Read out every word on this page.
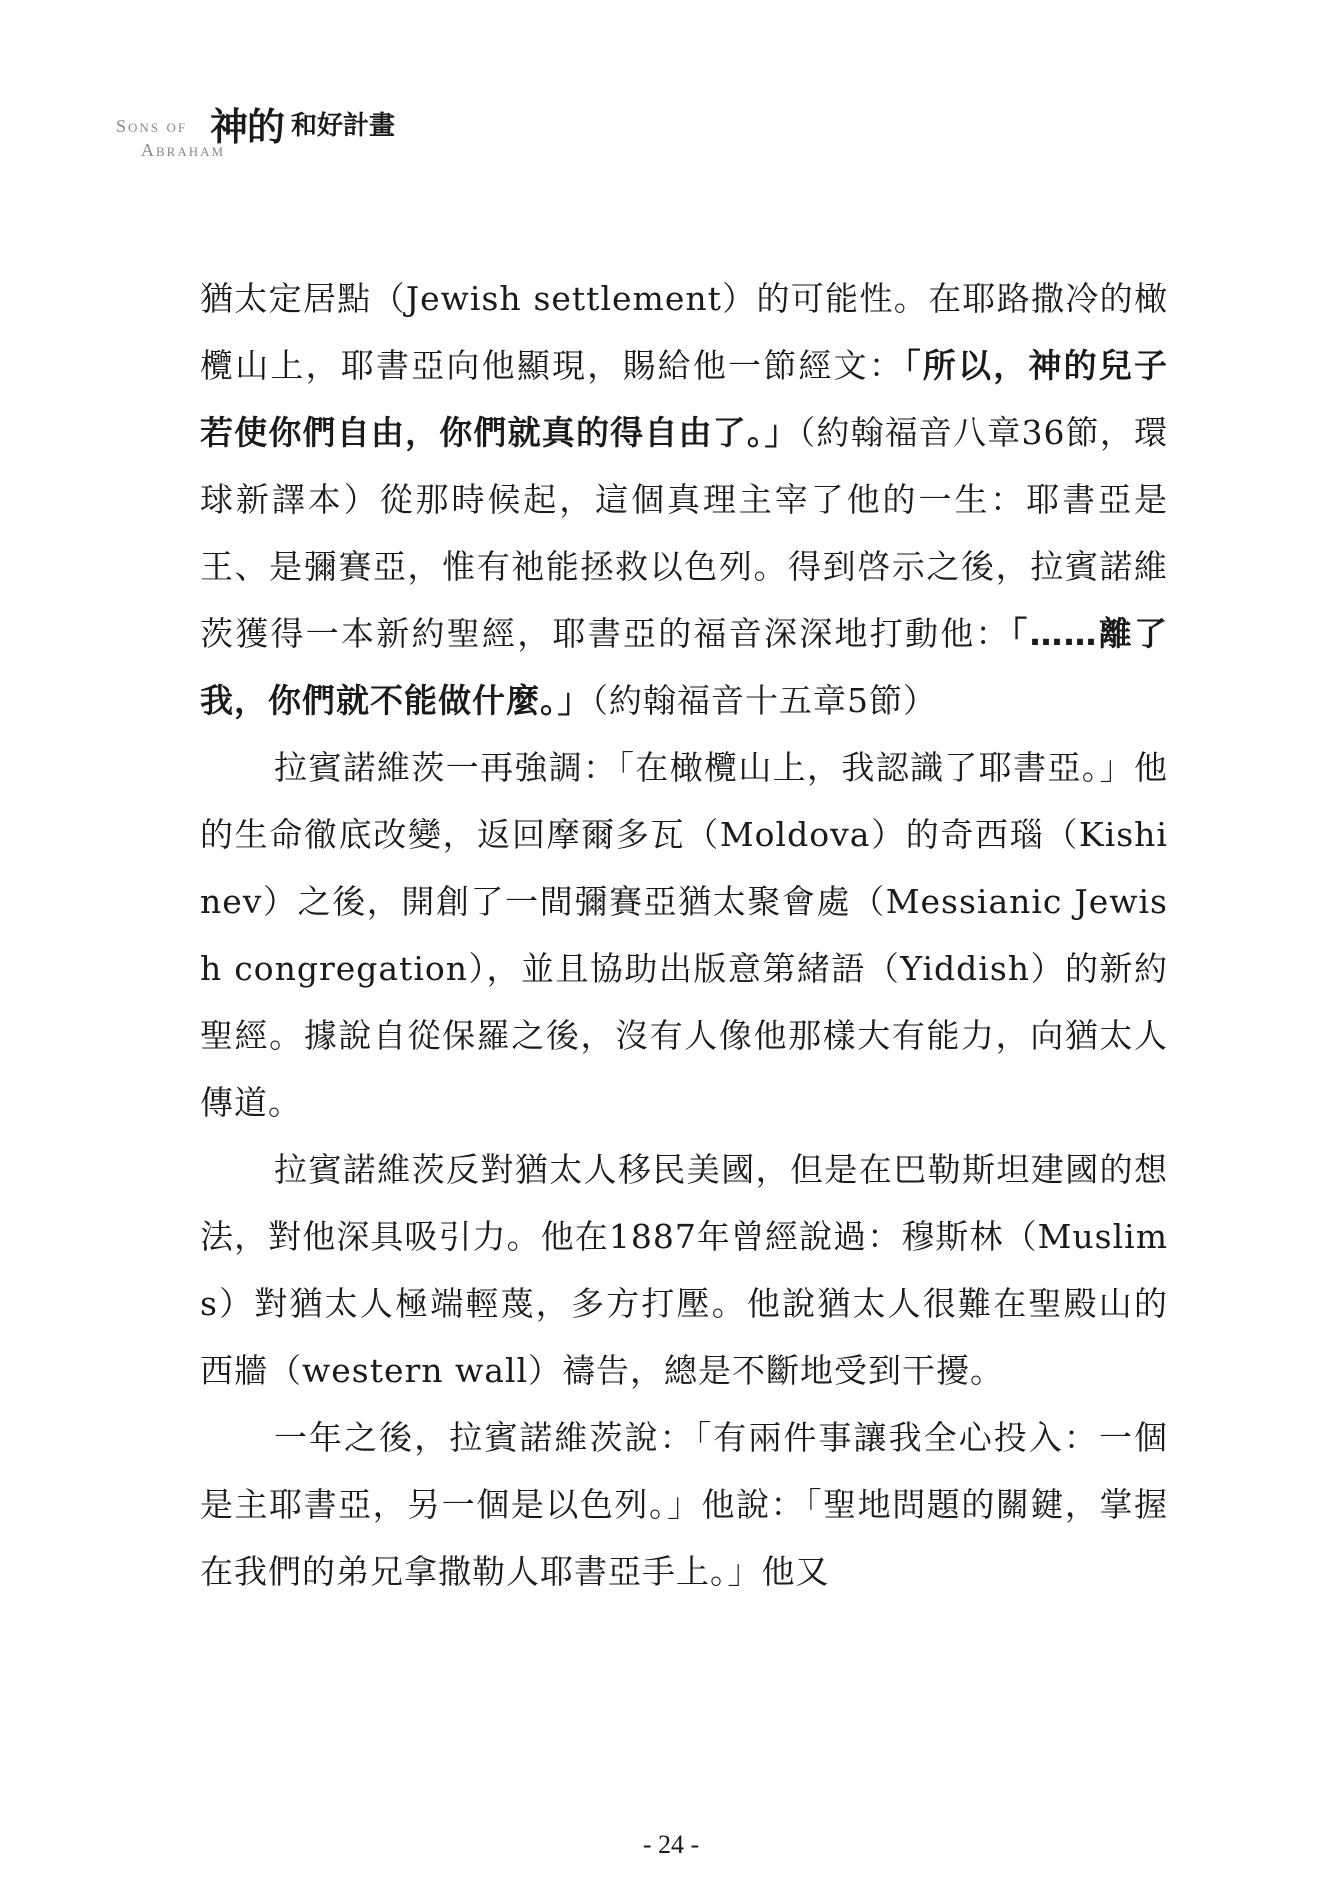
Sons of
Abraham
神的 和好計畫

猶太定居點（Jewish settlement）的可能性。在耶路撒冷的橄欖山上，耶書亞向他顯現，賜給他一節經文：「所以，神的兒子若使你們自由，你們就真的得自由了。」（約翰福音八章36節，環球新譯本）從那時候起，這個真理主宰了他的一生：耶書亞是王、是彌賽亞，惟有祂能拯救以色列。得到啓示之後，拉賓諾維茨獲得一本新約聖經，耶書亞的福音深深地打動他：「……離了我，你們就不能做什麼。」（約翰福音十五章5節）

拉賓諾維茨一再強調：「在橄欖山上，我認識了耶書亞。」他的生命徹底改變，返回摩爾多瓦（Moldova）的奇西瑙（Kishinev）之後，開創了一間彌賽亞猶太聚會處（Messianic Jewish congregation），並且協助出版意第緒語（Yiddish）的新約聖經。據說自從保羅之後，沒有人像他那樣大有能力，向猶太人傳道。

拉賓諾維茨反對猶太人移民美國，但是在巴勒斯坦建國的想法，對他深具吸引力。他在1887年曾經說過：穆斯林（Muslims）對猶太人極端輕蔑，多方打壓。他說猶太人很難在聖殿山的西牆（western wall）禱告，總是不斷地受到干擾。

一年之後，拉賓諾維茨說：「有兩件事讓我全心投入：一個是主耶書亞，另一個是以色列。」他說：「聖地問題的關鍵，掌握在我們的弟兄拿撒勒人耶書亞手上。」他又

- 24 -
